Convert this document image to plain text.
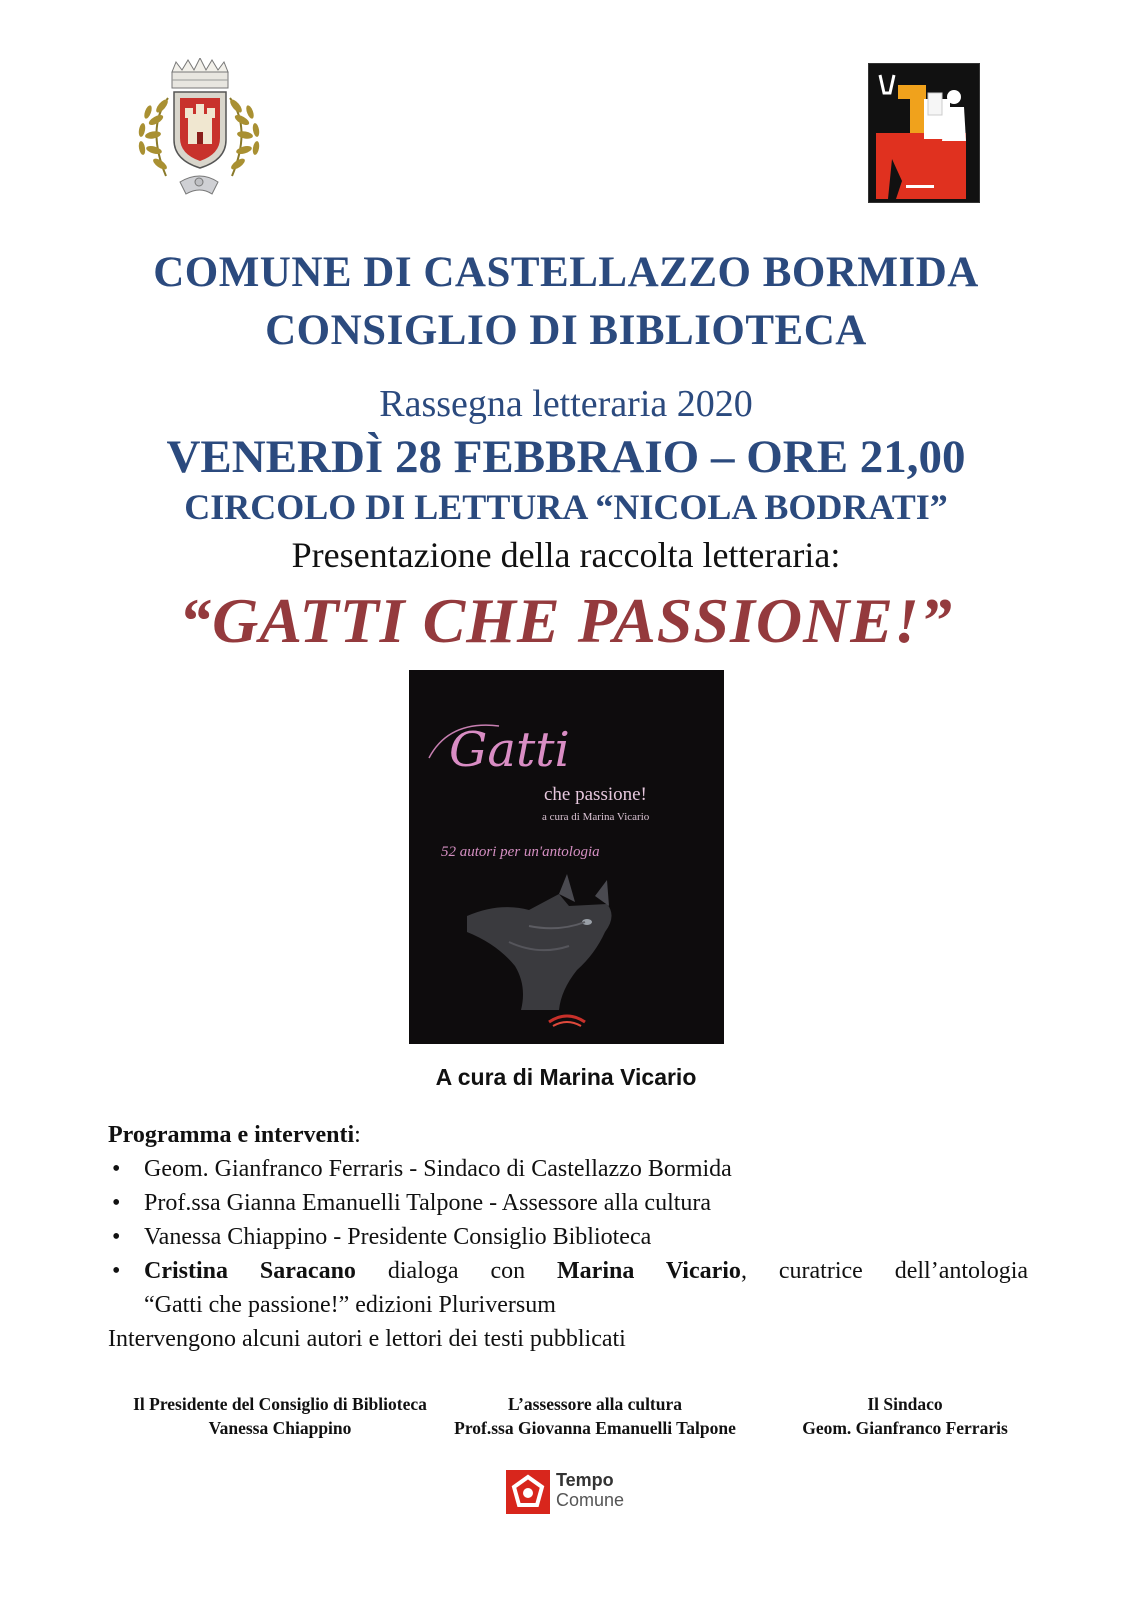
COMUNE DI CASTELLAZZO BORMIDA
CONSIGLIO DI BIBLIOTECA
Rassegna letteraria 2020
VENERDÌ 28 FEBBRAIO – ORE 21,00
CIRCOLO DI LETTURA “NICOLA BODRATI”
Presentazione della raccolta letteraria:
“GATTI CHE PASSIONE!”
Gatti
che passione!
a cura di Marina Vicario
52 autori per un'antologia
A cura di Marina Vicario
Programma e interventi:
• Geom. Gianfranco Ferraris - Sindaco di Castellazzo Bormida
• Prof.ssa Gianna Emanuelli Talpone - Assessore alla cultura
• Vanessa Chiappino - Presidente Consiglio Biblioteca
• Cristina Saracano dialoga con Marina Vicario, curatrice dell’antologia
“Gatti che passione!” edizioni Pluriversum
Intervengono alcuni autori e lettori dei testi pubblicati
Il Presidente del Consiglio di Biblioteca
Vanessa Chiappino
L’assessore alla cultura
Prof.ssa Giovanna Emanuelli Talpone
Il Sindaco
Geom. Gianfranco Ferraris
Tempo
Comune
